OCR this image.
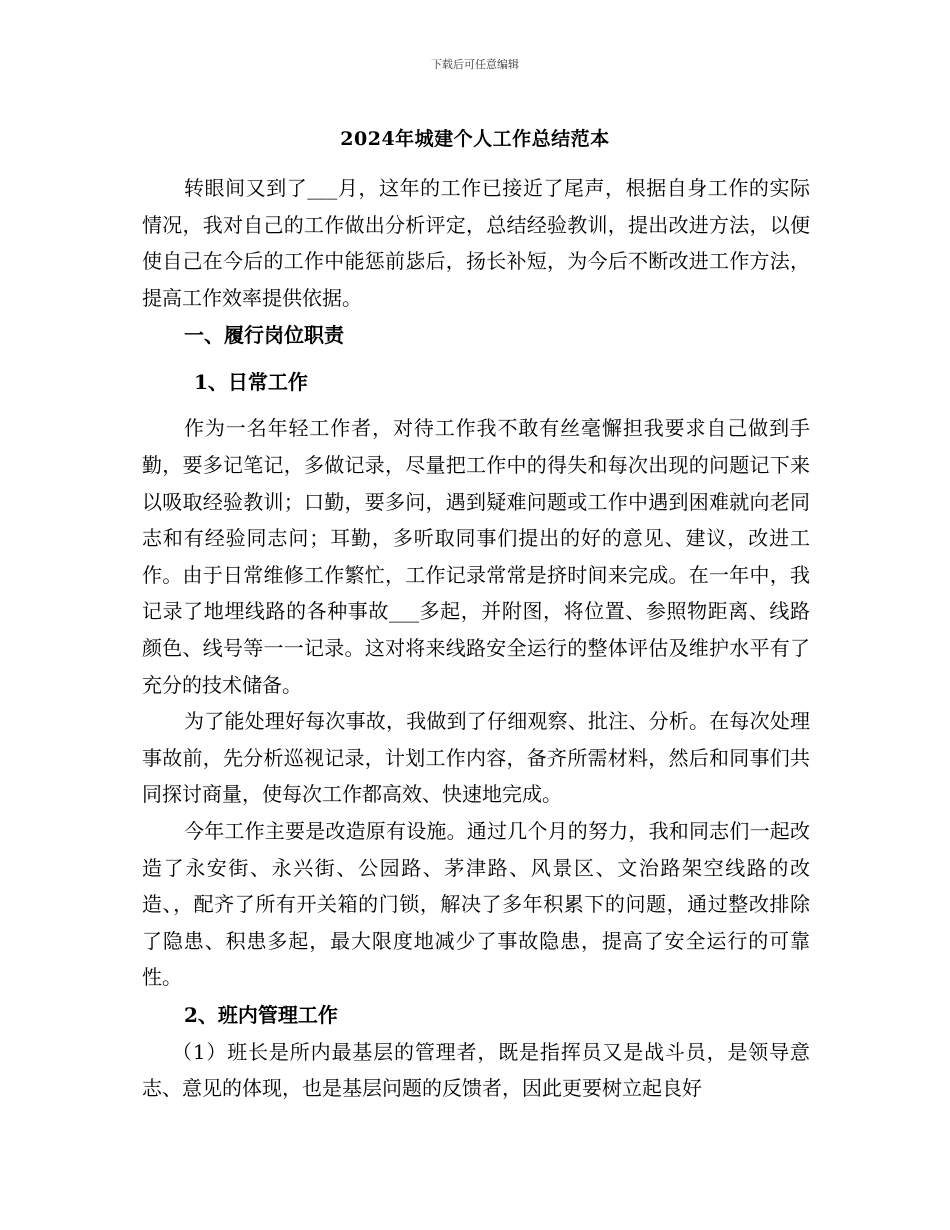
下载后可任意编辑
2024年城建个人工作总结范本

转眼间又到了___月，这年的工作已接近了尾声，根据自身工作的实际情况，我对自己的工作做出分析评定，总结经验教训，提出改进方法，以便使自己在今后的工作中能惩前毖后，扬长补短，为今后不断改进工作方法，提高工作效率提供依据。

一、履行岗位职责

1、日常工作

作为一名年轻工作者，对待工作我不敢有丝毫懈担我要求自己做到手勤，要多记笔记，多做记录，尽量把工作中的得失和每次出现的问题记下来以吸取经验教训；口勤，要多问，遇到疑难问题或工作中遇到困难就向老同志和有经验同志问；耳勤，多听取同事们提出的好的意见、建议，改进工作。由于日常维修工作繁忙，工作记录常常是挤时间来完成。在一年中，我记录了地埋线路的各种事故___多起，并附图，将位置、参照物距离、线路颜色、线号等一一记录。这对将来线路安全运行的整体评估及维护水平有了充分的技术储备。

为了能处理好每次事故，我做到了仔细观察、批注、分析。在每次处理事故前，先分析巡视记录，计划工作内容，备齐所需材料，然后和同事们共同探讨商量，使每次工作都高效、快速地完成。

今年工作主要是改造原有设施。通过几个月的努力，我和同志们一起改造了永安街、永兴街、公园路、茅津路、风景区、文治路架空线路的改造、，配齐了所有开关箱的门锁，解决了多年积累下的问题，通过整改排除了隐患、积患多起，最大限度地减少了事故隐患，提高了安全运行的可靠性。

2、班内管理工作

（1）班长是所内最基层的管理者，既是指挥员又是战斗员，是领导意志、意见的体现，也是基层问题的反馈者，因此更要树立起良好
